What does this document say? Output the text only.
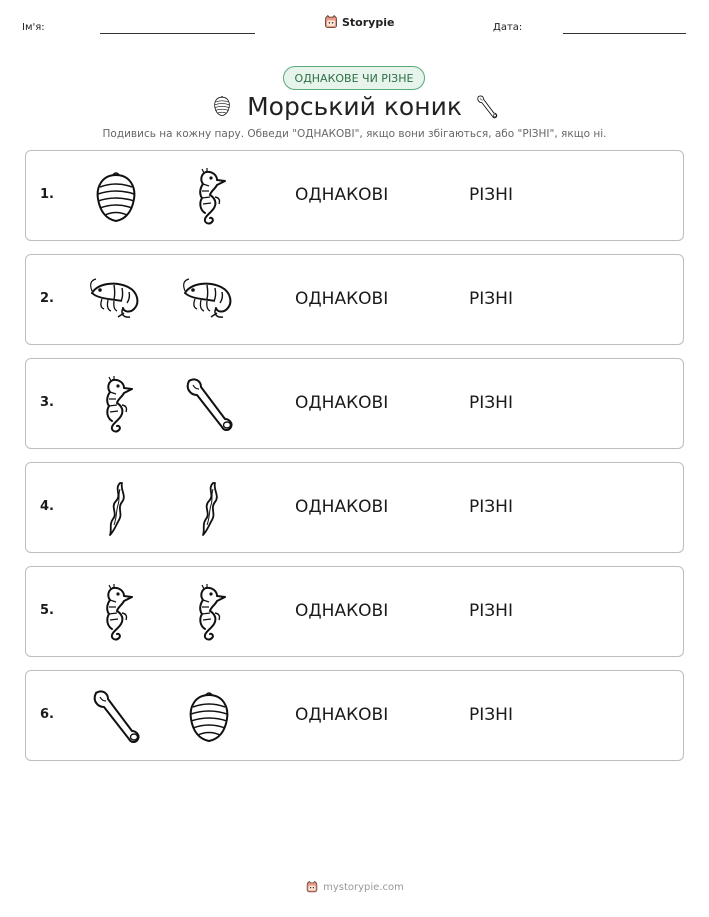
Ім'я:	Storypie	Дата:
ОДНАКОВЕ ЧИ РІЗНЕ
Морський коник
Подивись на кожну пару. Обведи "ОДНАКОВІ", якщо вони збігаються, або "РІЗНІ", якщо ні.
1.	ОДНАКОВІ	РІЗНІ
2.	ОДНАКОВІ	РІЗНІ
3.	ОДНАКОВІ	РІЗНІ
4.	ОДНАКОВІ	РІЗНІ
5.	ОДНАКОВІ	РІЗНІ
6.	ОДНАКОВІ	РІЗНІ
mystorypie.com
